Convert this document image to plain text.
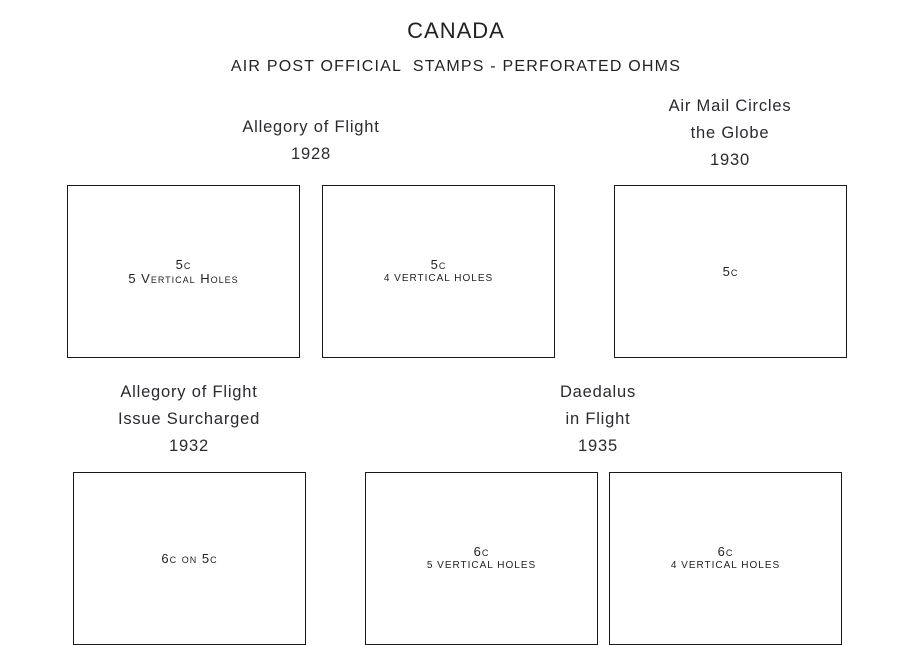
CANADA
AIR POST OFFICIAL  STAMPS - PERFORATED OHMS
Allegory of Flight
1928
Air Mail Circles
the Globe
1930
5c
5 Vertical Holes
5c
4 VERTICAL HOLES	5c
Allegory of Flight
Issue Surcharged
1932
Daedalus
in Flight
1935
6c on 5c	6c
5 VERTICAL HOLES
6c
4 VERTICAL HOLES
